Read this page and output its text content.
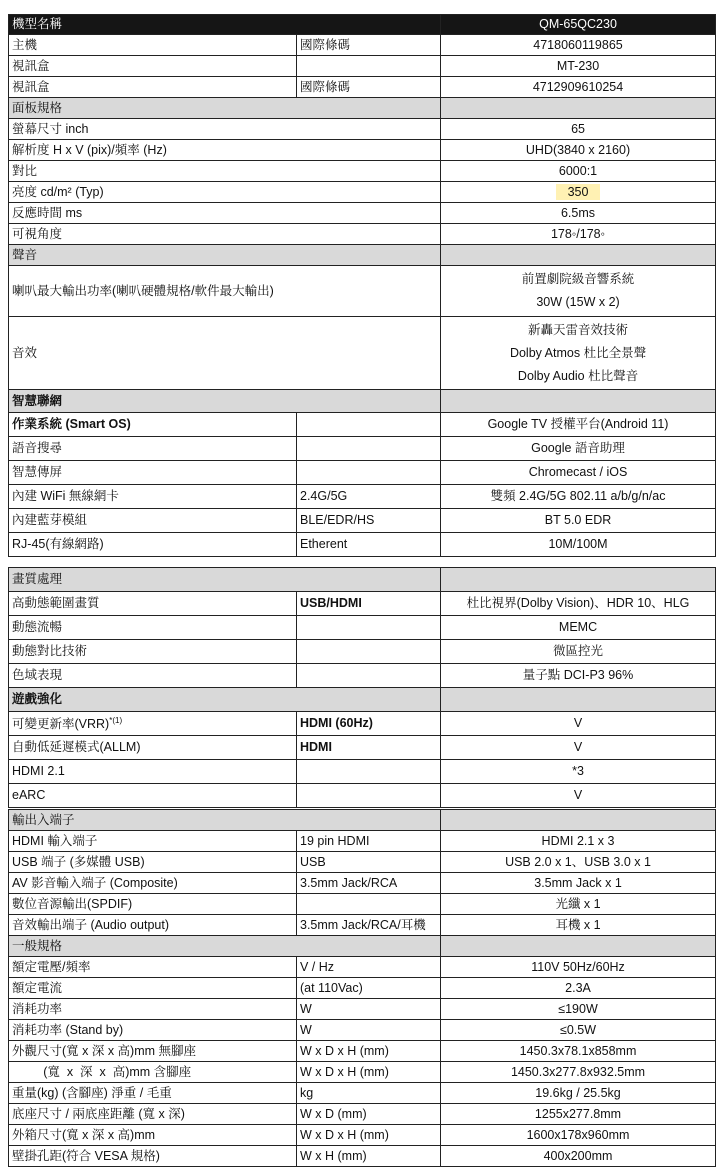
機型名稱		QM-65QC230
主機	國際條碼	4718060119865
視訊盒		MT-230
視訊盒	國際條碼	4712909610254
面板規格		
螢幕尺寸 inch		65
解析度 H x V (pix)/頻率 (Hz)		UHD(3840 x 2160)
對比		6000:1
亮度 cd/m² (Typ)		350
反應時間 ms		6.5ms
可視角度		178◦/178◦
聲音		
喇叭最大輸出功率(喇叭硬體規格/軟件最大輸出)		前置劇院級音響系統
30W (15W x 2)

音效		新轟天雷音效技術
Dolby Atmos 杜比全景聲
Dolby Audio 杜比聲音

智慧聯網		
作業系統 (Smart OS)		Google TV 授權平台(Android 11)
語音搜尋		Google 語音助理
智慧傳屏		Chromecast / iOS
內建 WiFi 無線網卡	2.4G/5G	雙頻 2.4G/5G 802.11 a/b/g/n/ac
內建藍芽模組	BLE/EDR/HS	BT 5.0 EDR
RJ-45(有線網路)	Etherent	10M/100M
畫質處理		
高動態範圍畫質	USB/HDMI	杜比視界(Dolby Vision)、HDR 10、HLG
動態流暢		MEMC
動態對比技術		微區控光
色域表現		量子點 DCI-P3 96%
遊戲強化		
可變更新率(VRR)$^{*(1)}$	HDMI (60Hz)	V
自動低延遲模式(ALLM)	HDMI	V
HDMI 2.1		*3
eARC		V
輸出入端子		
HDMI 輸入端子	19 pin HDMI	HDMI 2.1 x 3
USB 端子 (多媒體 USB)	USB	USB 2.0 x 1、USB 3.0 x 1
AV 影音輸入端子 (Composite)	3.5mm Jack/RCA	3.5mm Jack x 1
數位音源輸出(SPDIF)		光纖 x 1
音效輸出端子 (Audio output)	3.5mm Jack/RCA/耳機	耳機 x 1
一般規格		
額定電壓/頻率	V / Hz	110V 50Hz/60Hz
額定電流	(at 110Vac)	2.3A
消耗功率	W	≤190W
消耗功率 (Stand by)	W	≤0.5W
外觀尺寸(寬 x 深 x 高)mm 無腳座	W x D x H (mm)	1450.3x78.1x858mm
(寬  x  深  x  高)mm 含腳座	W x D x H (mm)	1450.3x277.8x932.5mm
重量(kg) (含腳座) 淨重 / 毛重	kg	19.6kg / 25.5kg
底座尺寸 / 兩底座距離 (寬 x 深)	W x D (mm)	1255x277.8mm
外箱尺寸(寬 x 深 x 高)mm	W x D x H (mm)	1600x178x960mm
壁掛孔距(符合 VESA 規格)	W x H (mm)	400x200mm
